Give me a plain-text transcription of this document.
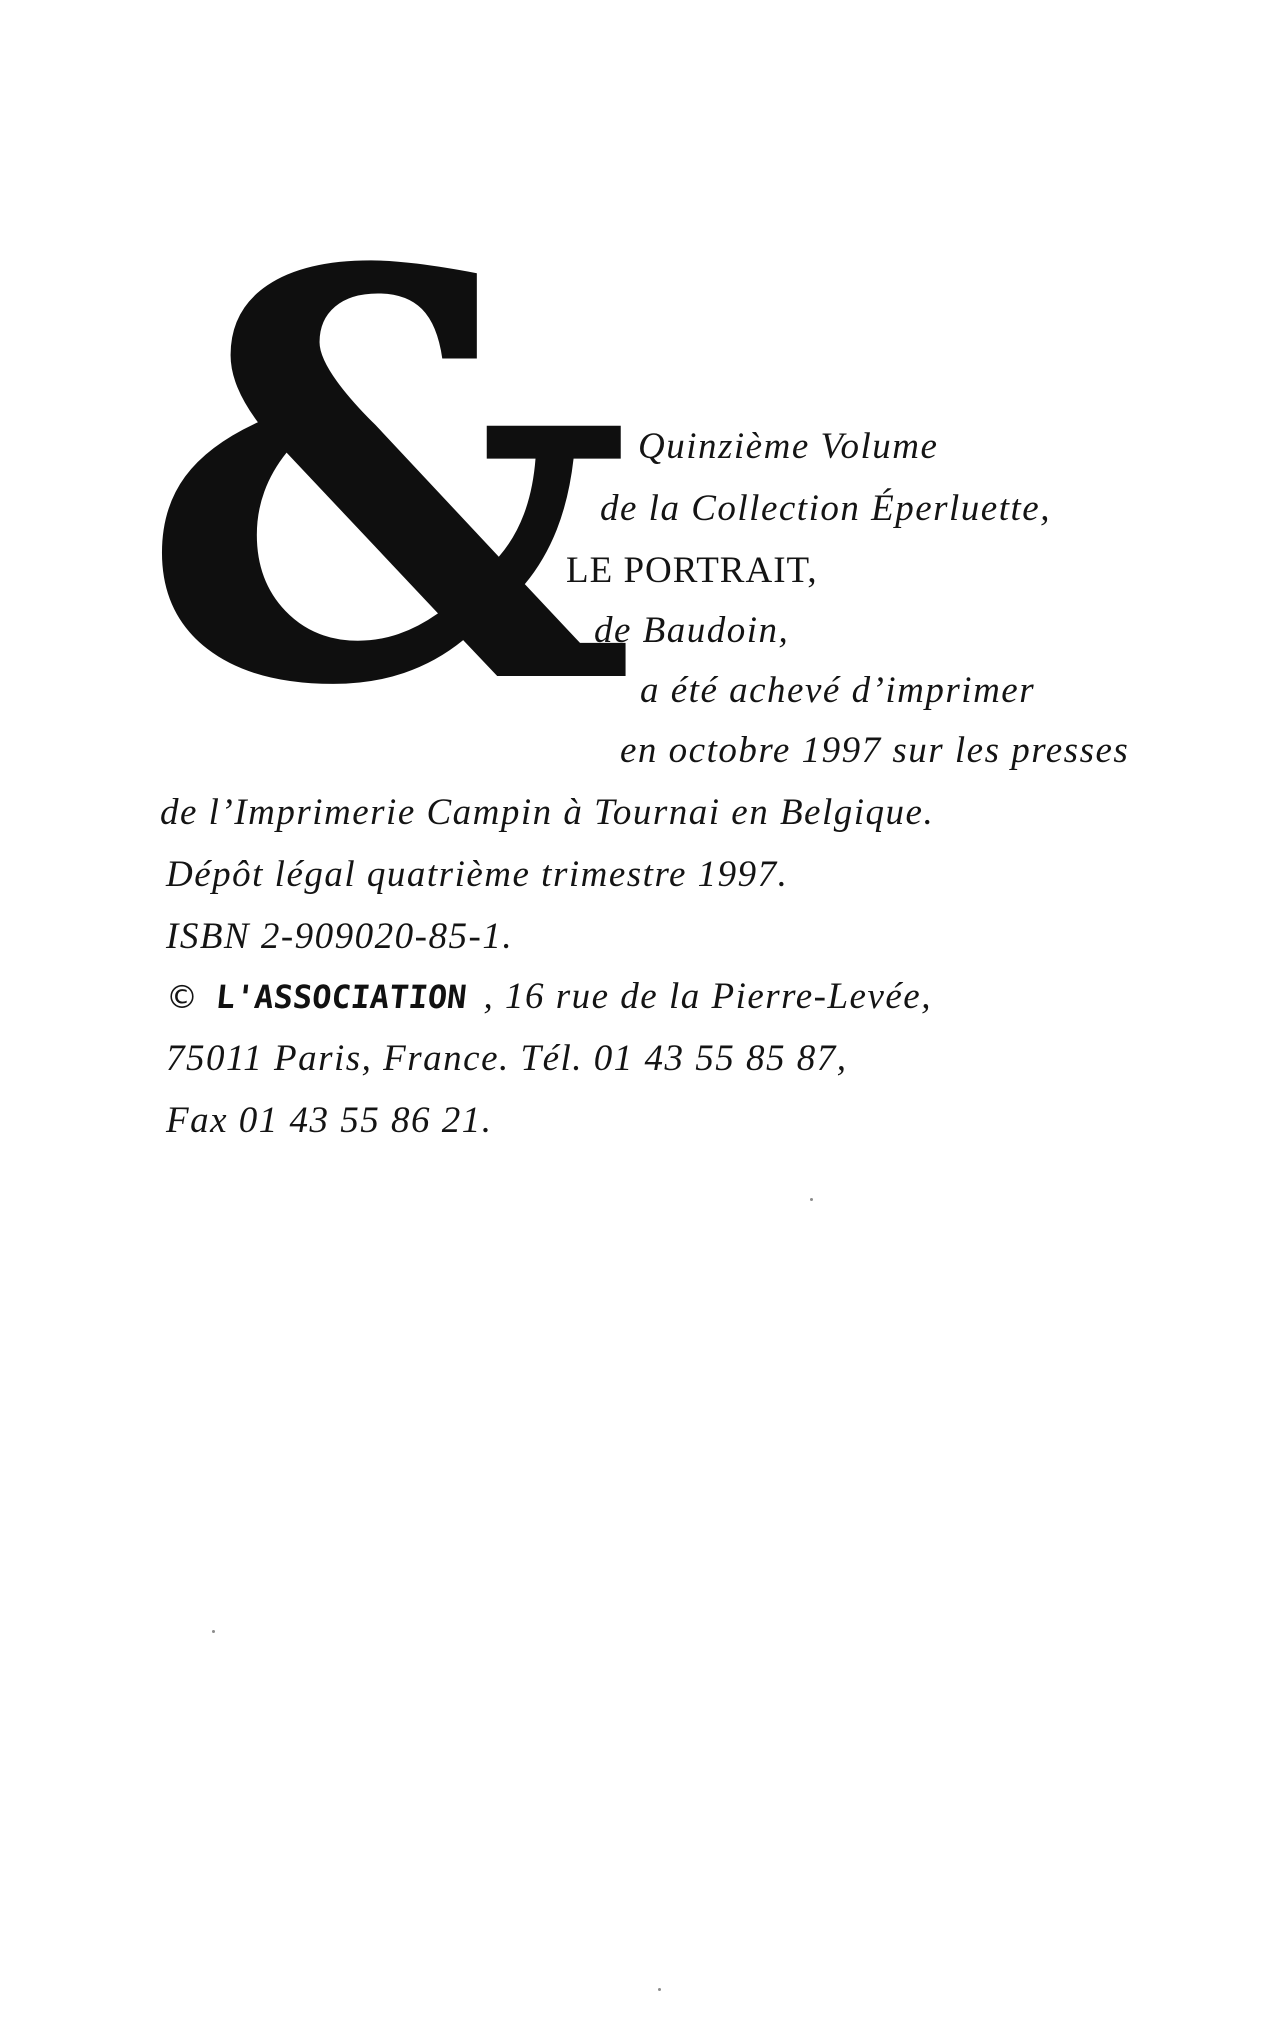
& Quinzième Volume
de la Collection Éperluette,
LE PORTRAIT,
de Baudoin,
a été achevé d’imprimer
en octobre 1997 sur les presses
de l’Imprimerie Campin à Tournai en Belgique.
Dépôt légal quatrième trimestre 1997.
ISBN 2-909020-85-1.
© L'ASSOCIATION , 16 rue de la Pierre-Levée,
75011 Paris, France. Tél. 01 43 55 85 87,
Fax 01 43 55 86 21.
